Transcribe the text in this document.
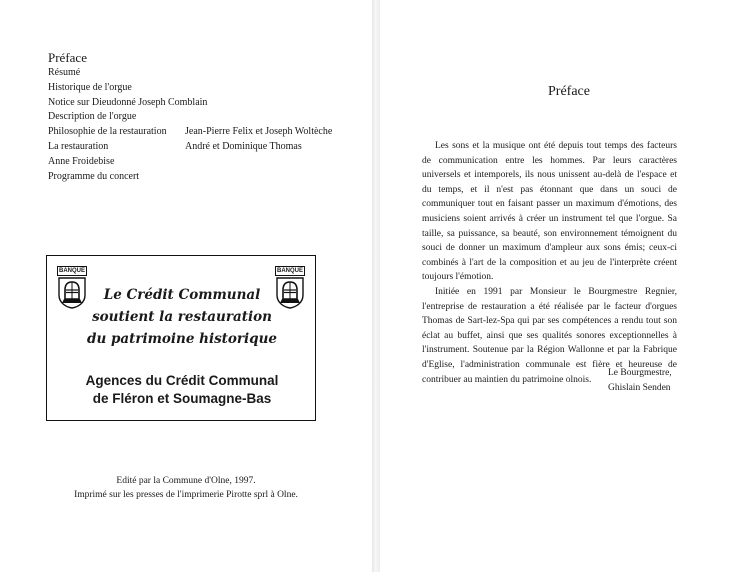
Préface
Résumé
Historique de l'orgue
Notice sur Dieudonné Joseph Comblain
Description de l'orgue
Philosophie de la restauration Jean-Pierre Felix et Joseph Woltèche
La restauration	André et Dominique Thomas
Anne Froidebise
Programme du concert
BANQUE	BANQUE
Le Crédit Communal
soutient la restauration
du patrimoine historique
Agences du Crédit Communal
de Fléron et Soumagne-Bas
Edité par la Commune d'Olne, 1997.
Imprimé sur les presses de l'imprimerie Pirotte sprl à Olne.
Préface

Les sons et la musique ont été depuis tout temps des facteurs de communication entre les hommes. Par leurs caractères universels et intemporels, ils nous unissent au-delà de l'espace et du temps, et il n'est pas étonnant que dans un souci de communiquer tout en faisant passer un maximum d'émotions, des musiciens soient arrivés à créer un instrument tel que l'orgue. Sa taille, sa puissance, sa beauté, son environnement témoignent du souci de donner un maximum d'ampleur aux sons émis; ceux-ci combinés à l'art de la composition et au jeu de l'interprète créent toujours l'émotion.

Initiée en 1991 par Monsieur le Bourgmestre Regnier, l'entreprise de restauration a été réalisée par le facteur d'orgues Thomas de Sart-lez-Spa qui par ses compétences a rendu tout son éclat au buffet, ainsi que ses qualités sonores exceptionnelles à l'instrument. Soutenue par la Région Wallonne et par la Fabrique d'Eglise, l'administration communale est fière et heureuse de contribuer au maintien du patrimoine olnois.

Le Bourgmestre,
Ghislain Senden
